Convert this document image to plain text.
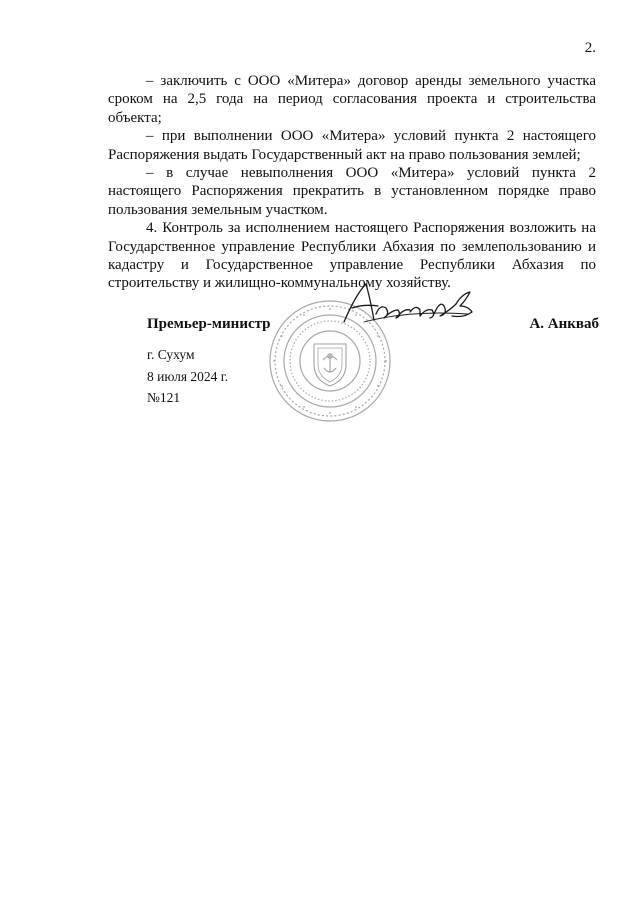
2.

– заключить с ООО «Митера» договор аренды земельного участка сроком на 2,5 года на период согласования проекта и строительства объекта;

– при выполнении ООО «Митера» условий пункта 2 настоящего Распоряжения выдать Государственный акт на право пользования землей;

– в случае невыполнения ООО «Митера» условий пункта 2 настоящего Распоряжения прекратить в установленном порядке право пользования земельным участком.

4. Контроль за исполнением настоящего Распоряжения возложить на Государственное управление Республики Абхазия по землепользованию и кадастру и Государственное управление Республики Абхазия по строительству и жилищно-коммунальному хозяйству.

Премьер-министр	А. Анкваб
г. Сухум
8 июля 2024 г.
№121
